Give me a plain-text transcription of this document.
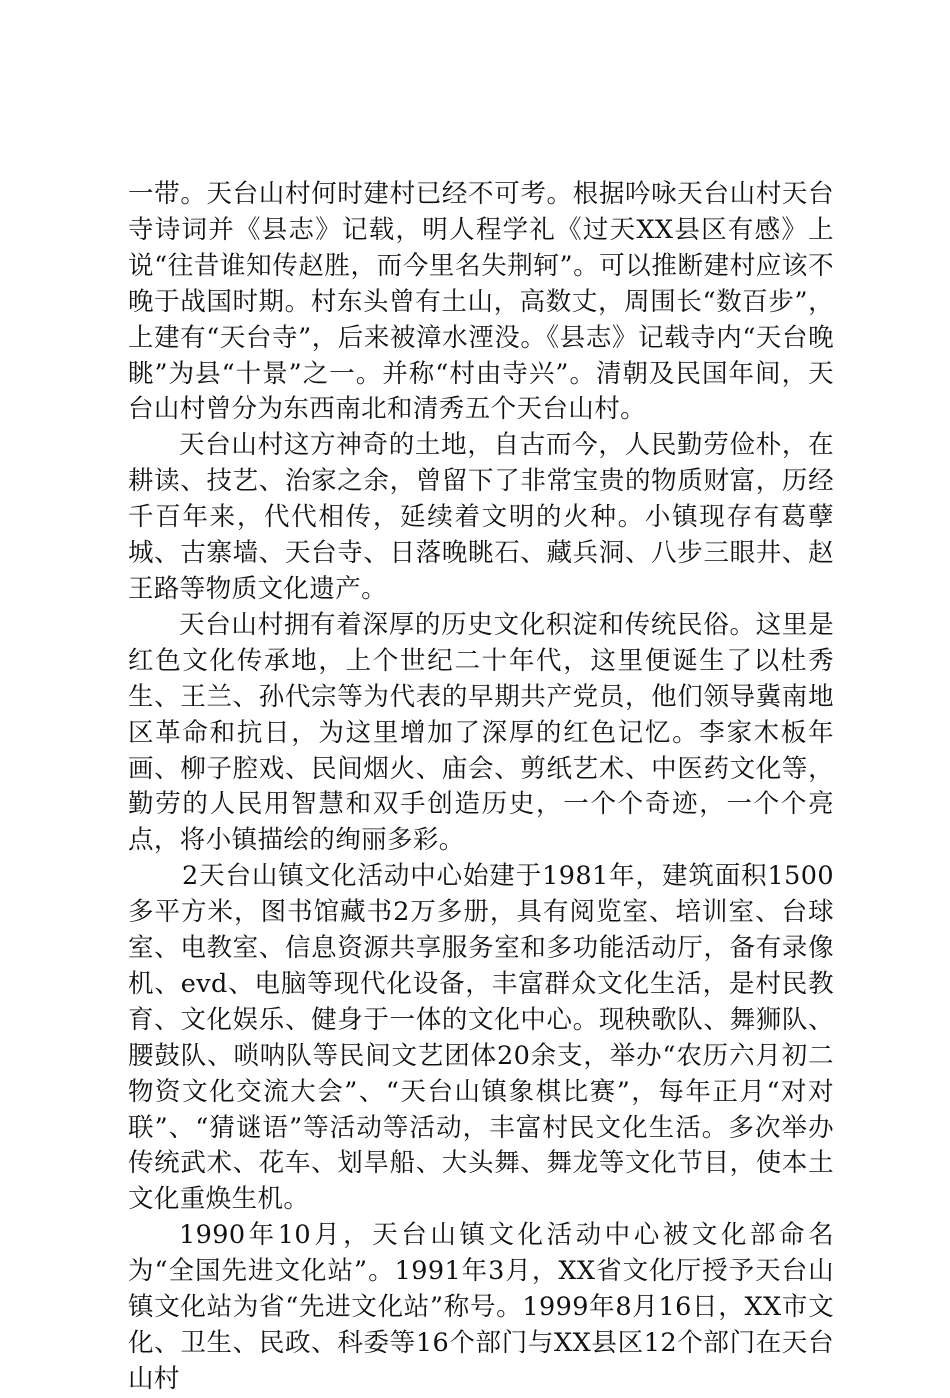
一带。天台山村何时建村已经不可考。根据吟咏天台山村天台寺诗词并《县志》记载，明人程学礼《过天XX县区有感》上说“往昔谁知传赵胜，而今里名失荆轲”。可以推断建村应该不晚于战国时期。村东头曾有土山，高数丈，周围长“数百步”，上建有“天台寺”，后来被漳水湮没。《县志》记载寺内“天台晚眺”为县“十景”之一。并称“村由寺兴”。清朝及民国年间，天台山村曾分为东西南北和清秀五个天台山村。

天台山村这方神奇的土地，自古而今，人民勤劳俭朴，在耕读、技艺、治家之余，曾留下了非常宝贵的物质财富，历经千百年来，代代相传，延续着文明的火种。小镇现存有葛孽城、古寨墙、天台寺、日落晚眺石、藏兵洞、八步三眼井、赵王路等物质文化遗产。

天台山村拥有着深厚的历史文化积淀和传统民俗。这里是红色文化传承地，上个世纪二十年代，这里便诞生了以杜秀生、王兰、孙代宗等为代表的早期共产党员，他们领导冀南地区革命和抗日，为这里增加了深厚的红色记忆。李家木板年画、柳子腔戏、民间烟火、庙会、剪纸艺术、中医药文化等，勤劳的人民用智慧和双手创造历史，一个个奇迹，一个个亮点，将小镇描绘的绚丽多彩。

2天台山镇文化活动中心始建于1981年，建筑面积1500多平方米，图书馆藏书2万多册，具有阅览室、培训室、台球室、电教室、信息资源共享服务室和多功能活动厅，备有录像机、evd、电脑等现代化设备，丰富群众文化生活，是村民教育、文化娱乐、健身于一体的文化中心。现秧歌队、舞狮队、腰鼓队、唢呐队等民间文艺团体20余支，举办“农历六月初二物资文化交流大会”、“天台山镇象棋比赛”，每年正月“对对联”、“猜谜语”等活动等活动，丰富村民文化生活。多次举办传统武术、花车、划旱船、大头舞、舞龙等文化节目，使本土文化重焕生机。

1990年10月，天台山镇文化活动中心被文化部命名为“全国先进文化站”。1991年3月，XX省文化厅授予天台山镇文化站为省“先进文化站”称号。1999年8月16日，XX市文化、卫生、民政、科委等16个部门与XX县区12个部门在天台山村
